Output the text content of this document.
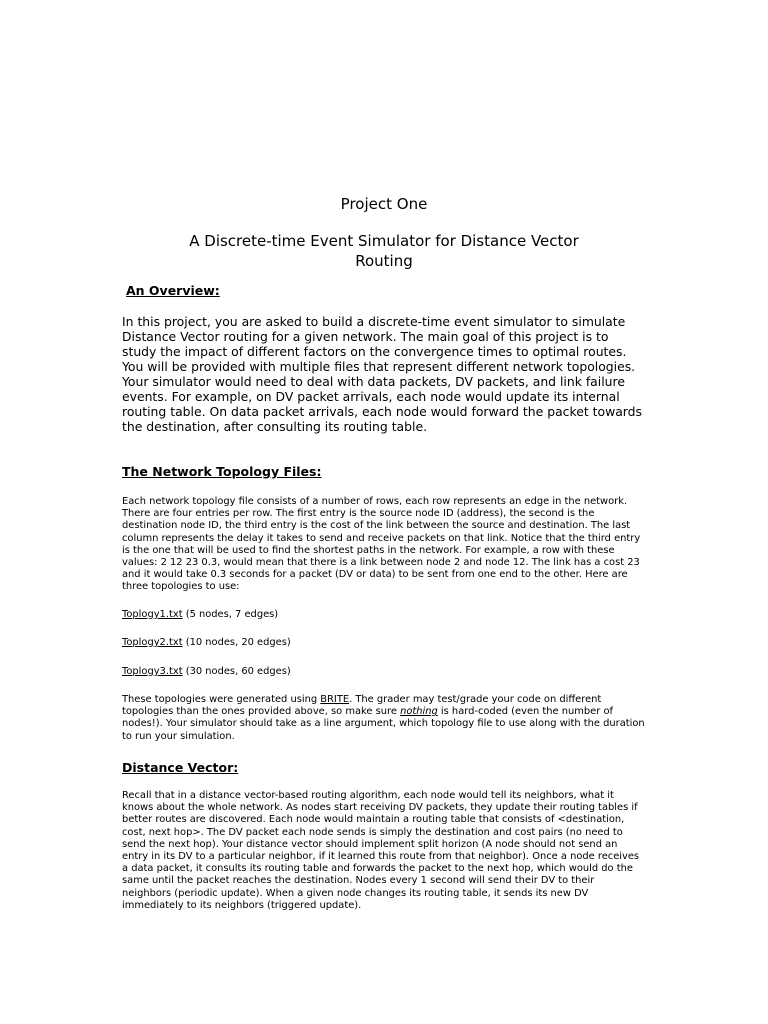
Project One
A Discrete-time Event Simulator for Distance Vector
Routing
An Overview:

In this project, you are asked to build a discrete-time event simulator to simulate Distance Vector routing for a given network. The main goal of this project is to study the impact of different factors on the convergence times to optimal routes. You will be provided with multiple files that represent different network topologies. Your simulator would need to deal with data packets, DV packets, and link failure events. For example, on DV packet arrivals, each node would update its internal routing table. On data packet arrivals, each node would forward the packet towards the destination, after consulting its routing table.

The Network Topology Files:

Each network topology file consists of a number of rows, each row represents an edge in the network. There are four entries per row. The first entry is the source node ID (address), the second is the destination node ID, the third entry is the cost of the link between the source and destination. The last column represents the delay it takes to send and receive packets on that link. Notice that the third entry is the one that will be used to find the shortest paths in the network. For example, a row with these values: 2 12 23 0.3, would mean that there is a link between node 2 and node 12. The link has a cost 23 and it would take 0.3 seconds for a packet (DV or data) to be sent from one end to the other. Here are three topologies to use:

Toplogy1.txt (5 nodes, 7 edges)

Toplogy2.txt (10 nodes, 20 edges)

Toplogy3.txt (30 nodes, 60 edges)

These topologies were generated using BRITE. The grader may test/grade your code on different topologies than the ones provided above, so make sure nothing is hard-coded (even the number of nodes!). Your simulator should take as a line argument, which topology file to use along with the duration to run your simulation.

Distance Vector:

Recall that in a distance vector-based routing algorithm, each node would tell its neighbors, what it knows about the whole network. As nodes start receiving DV packets, they update their routing tables if better routes are discovered. Each node would maintain a routing table that consists of <destination, cost, next hop>. The DV packet each node sends is simply the destination and cost pairs (no need to send the next hop). Your distance vector should implement split horizon (A node should not send an entry in its DV to a particular neighbor, if it learned this route from that neighbor). Once a node receives a data packet, it consults its routing table and forwards the packet to the next hop, which would do the same until the packet reaches the destination. Nodes every 1 second will send their DV to their neighbors (periodic update). When a given node changes its routing table, it sends its new DV immediately to its neighbors (triggered update).
